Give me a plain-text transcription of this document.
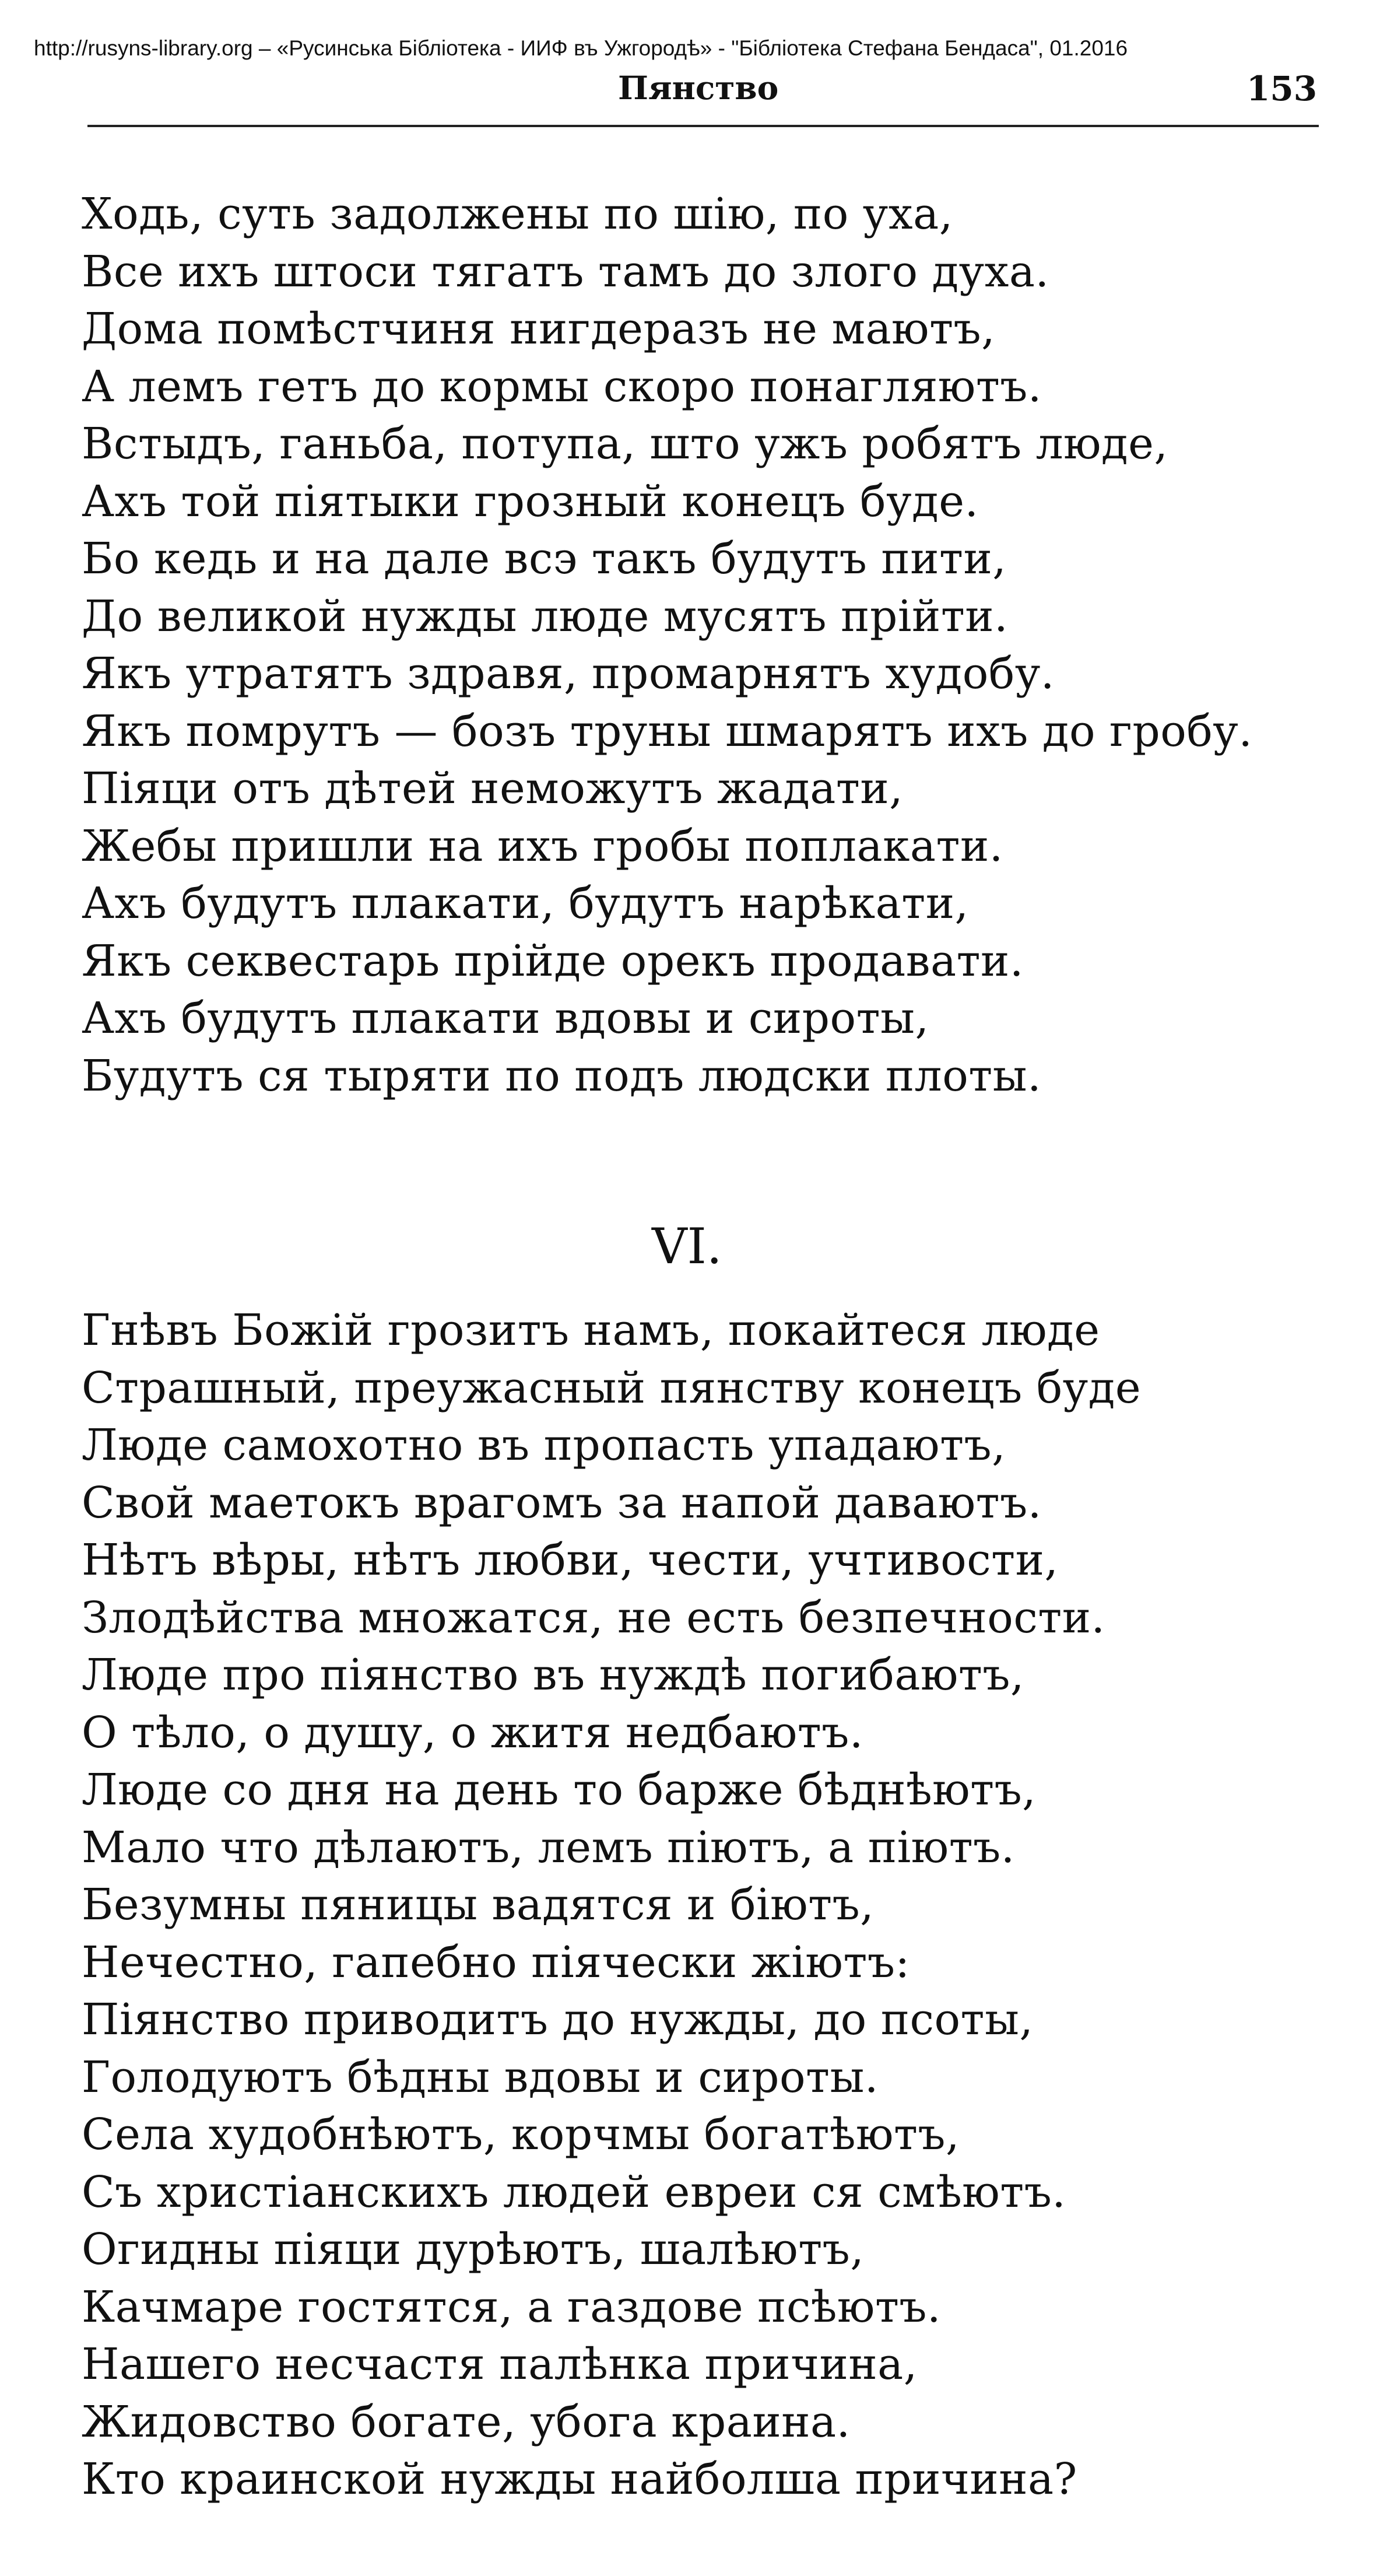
http://rusyns-library.org – «Русинська Бібліотека - ИИФ въ Ужгородѣ» - "Бібліотека Стефана Бендаса", 01.2016
Пянство	153
Ходь, суть задолжены по шію, по уха,
Все ихъ штоси тягатъ тамъ до злого духа.
Дома помѣстчиня нигдеразъ не маютъ,
А лемъ гетъ до кормы скоро понагляютъ.
Встыдъ, ганьба, потупа, што ужъ робятъ люде,
Ахъ той піятыки грозный конецъ буде.
Бо кедь и на дале всэ такъ будутъ пити,
До великой нужды люде мусятъ прійти.
Якъ утратятъ здравя, промарнятъ худобу.
Якъ помрутъ — бозъ труны шмарятъ ихъ до гробу.
Піяци отъ дѣтей неможутъ жадати,
Жебы пришли на ихъ гробы поплакати.
Ахъ будутъ плакати, будутъ нарѣкати,
Якъ секвестарь прійде орекъ продавати.
Ахъ будутъ плакати вдовы и сироты,
Будутъ ся тыряти по подъ людски плоты.
VI.
Гнѣвъ Божій грозитъ намъ, покайтеся люде
Страшный, преужасный пянству конецъ буде
Люде самохотно въ пропасть упадаютъ,
Свой маетокъ врагомъ за напой даваютъ.
Нѣтъ вѣры, нѣтъ любви, чести, учтивости,
Злодѣйства множатся, не есть безпечности.
Люде про піянство въ нуждѣ погибаютъ,
О тѣло, о душу, о житя недбаютъ.
Люде со дня на день то барже бѣднѣютъ,
Мало что дѣлаютъ, лемъ піютъ, а піютъ.
Безумны пяницы вадятся и біютъ,
Нечестно, гапебно піячески жіютъ:
Піянство приводитъ до нужды, до псоты,
Голодуютъ бѣдны вдовы и сироты.
Села худобнѣютъ, корчмы богатѣютъ,
Съ христіанскихъ людей евреи ся смѣютъ.
Огидны піяци дурѣютъ, шалѣютъ,
Качмаре гостятся, а газдове псѣютъ.
Нашего несчастя палѣнка причина,
Жидовство богате, убога краина.
Кто краинской нужды найболша причина?
